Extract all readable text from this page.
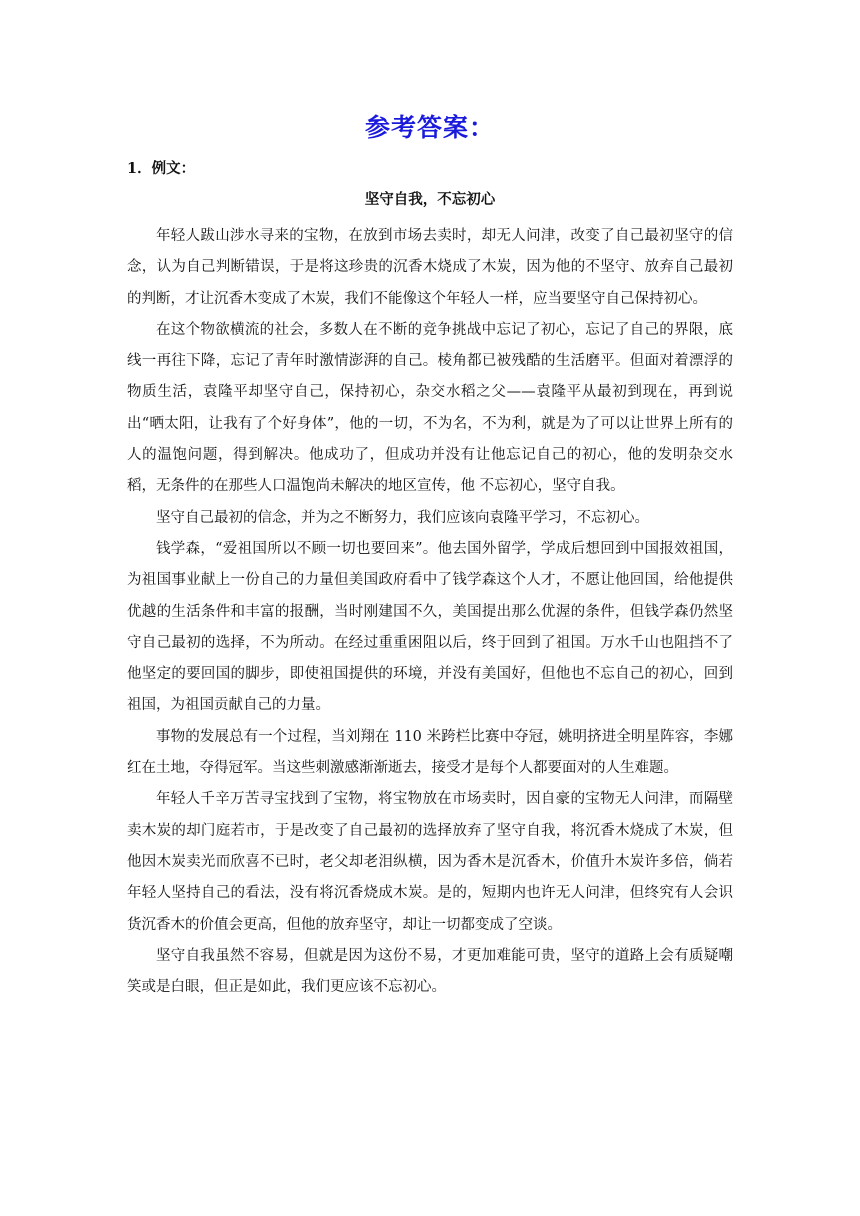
参考答案：
1．例文：
坚守自我，不忘初心

年轻人跋山涉水寻来的宝物，在放到市场去卖时，却无人问津，改变了自己最初坚守的信念，认为自己判断错误，于是将这珍贵的沉香木烧成了木炭，因为他的不坚守、放弃自己最初的判断，才让沉香木变成了木炭，我们不能像这个年轻人一样，应当要坚守自己保持初心。

在这个物欲横流的社会，多数人在不断的竞争挑战中忘记了初心，忘记了自己的界限，底线一再往下降，忘记了青年时激情澎湃的自己。棱角都已被残酷的生活磨平。但面对着漂浮的物质生活，袁隆平却坚守自己，保持初心，杂交水稻之父——袁隆平从最初到现在，再到说出“晒太阳，让我有了个好身体”，他的一切，不为名，不为利，就是为了可以让世界上所有的人的温饱问题，得到解决。他成功了，但成功并没有让他忘记自己的初心，他的发明杂交水稻，无条件的在那些人口温饱尚未解决的地区宣传，他 不忘初心，坚守自我。

坚守自己最初的信念，并为之不断努力，我们应该向袁隆平学习，不忘初心。

钱学森，“爱祖国所以不顾一切也要回来”。他去国外留学，学成后想回到中国报效祖国，为祖国事业献上一份自己的力量但美国政府看中了钱学森这个人才，不愿让他回国，给他提供优越的生活条件和丰富的报酬，当时刚建国不久，美国提出那么优渥的条件，但钱学森仍然坚守自己最初的选择，不为所动。在经过重重困阻以后，终于回到了祖国。万水千山也阻挡不了他坚定的要回国的脚步，即使祖国提供的环境，并没有美国好，但他也不忘自己的初心，回到祖国，为祖国贡献自己的力量。

事物的发展总有一个过程，当刘翔在 110 米跨栏比赛中夺冠，姚明挤进全明星阵容，李娜红在土地，夺得冠军。当这些刺激感渐渐逝去，接受才是每个人都要面对的人生难题。

年轻人千辛万苦寻宝找到了宝物，将宝物放在市场卖时，因自豪的宝物无人问津，而隔壁卖木炭的却门庭若市，于是改变了自己最初的选择放弃了坚守自我，将沉香木烧成了木炭，但他因木炭卖光而欣喜不已时，老父却老泪纵横，因为香木是沉香木，价值升木炭许多倍，倘若年轻人坚持自己的看法，没有将沉香烧成木炭。是的，短期内也许无人问津，但终究有人会识货沉香木的价值会更高，但他的放弃坚守，却让一切都变成了空谈。

坚守自我虽然不容易，但就是因为这份不易，才更加难能可贵，坚守的道路上会有质疑嘲笑或是白眼，但正是如此，我们更应该不忘初心。
